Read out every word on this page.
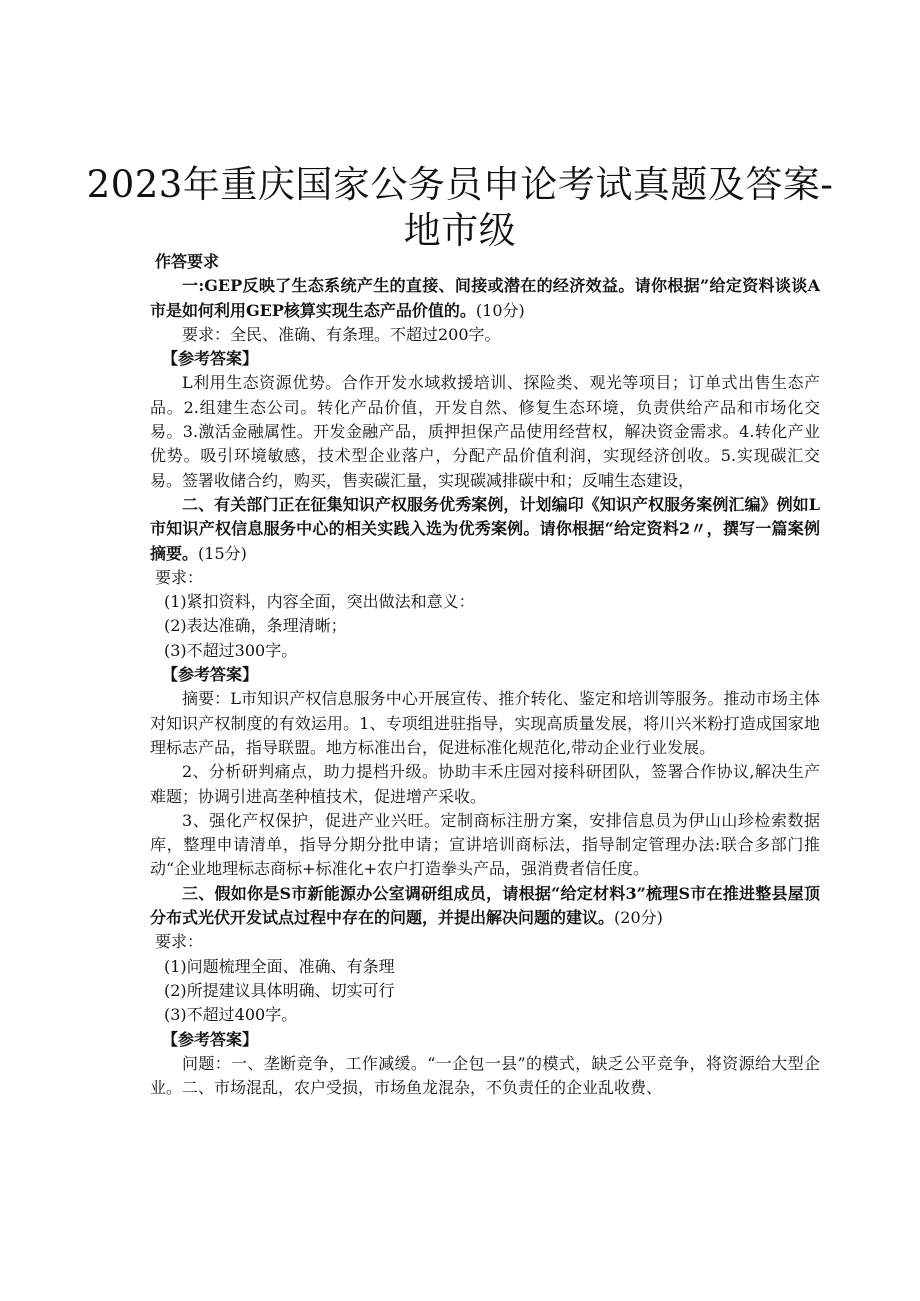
2023年重庆国家公务员申论考试真题及答案-
地市级

作答要求

一:GEP反映了生态系统产生的直接、间接或潜在的经济效益。请你根据”给定资料谈谈A市是如何利用GEP核算实现生态产品价值的。(10分)

要求：全民、准确、有条理。不超过200字。

【参考答案】

L利用生态资源优势。合作开发水域救援培训、探险类、观光等项目；订单式出售生态产品。2.组建生态公司。转化产品价值，开发自然、修复生态环境，负责供给产品和市场化交易。3.激活金融属性。开发金融产品，质押担保产品使用经营权，解决资金需求。4.转化产业优势。吸引环境敏感，技术型企业落户，分配产品价值利润，实现经济创收。5.实现碳汇交易。签署收储合约，购买，售卖碳汇量，实现碳减排碳中和；反哺生态建设，

二、有关部门正在征集知识产权服务优秀案例，计划编印《知识产权服务案例汇编》例如L市知识产权信息服务中心的相关实践入选为优秀案例。请你根据“给定资料2〃，撰写一篇案例摘要。(15分)

要求：

(1)紧扣资料，内容全面，突出做法和意义：

(2)表达准确，条理清晰；

(3)不超过300字。

【参考答案】

摘要：L市知识产权信息服务中心开展宣传、推介转化、鉴定和培训等服务。推动市场主体对知识产权制度的有效运用。1、专项组进驻指导，实现高质量发展，将川兴米粉打造成国家地理标志产品，指导联盟。地方标准出台，促进标准化规范化,带动企业行业发展。

2、分析研判痛点，助力提档升级。协助丰禾庄园对接科研团队，签署合作协议,解决生产难题；协调引进高垄种植技术，促进增产采收。

3、强化产权保护，促进产业兴旺。定制商标注册方案，安排信息员为伊山山珍检索数据库，整理申请清单，指导分期分批申请；宣讲培训商标法，指导制定管理办法:联合多部门推动“企业地理标志商标+标准化+农户打造拳头产品，强消费者信任度。

三、假如你是S市新能源办公室调研组成员，请根据“给定材料3”梳理S市在推进整县屋顶分布式光伏开发试点过程中存在的问题，并提出解决问题的建议。(20分)

要求：

(1)问题梳理全面、准确、有条理

(2)所提建议具体明确、切实可行

(3)不超过400字。

【参考答案】

问题：一、垄断竞争，工作减缓。“一企包一县”的模式，缺乏公平竞争，将资源给大型企业。二、市场混乱，农户受损，市场鱼龙混杂，不负责任的企业乱收费、
